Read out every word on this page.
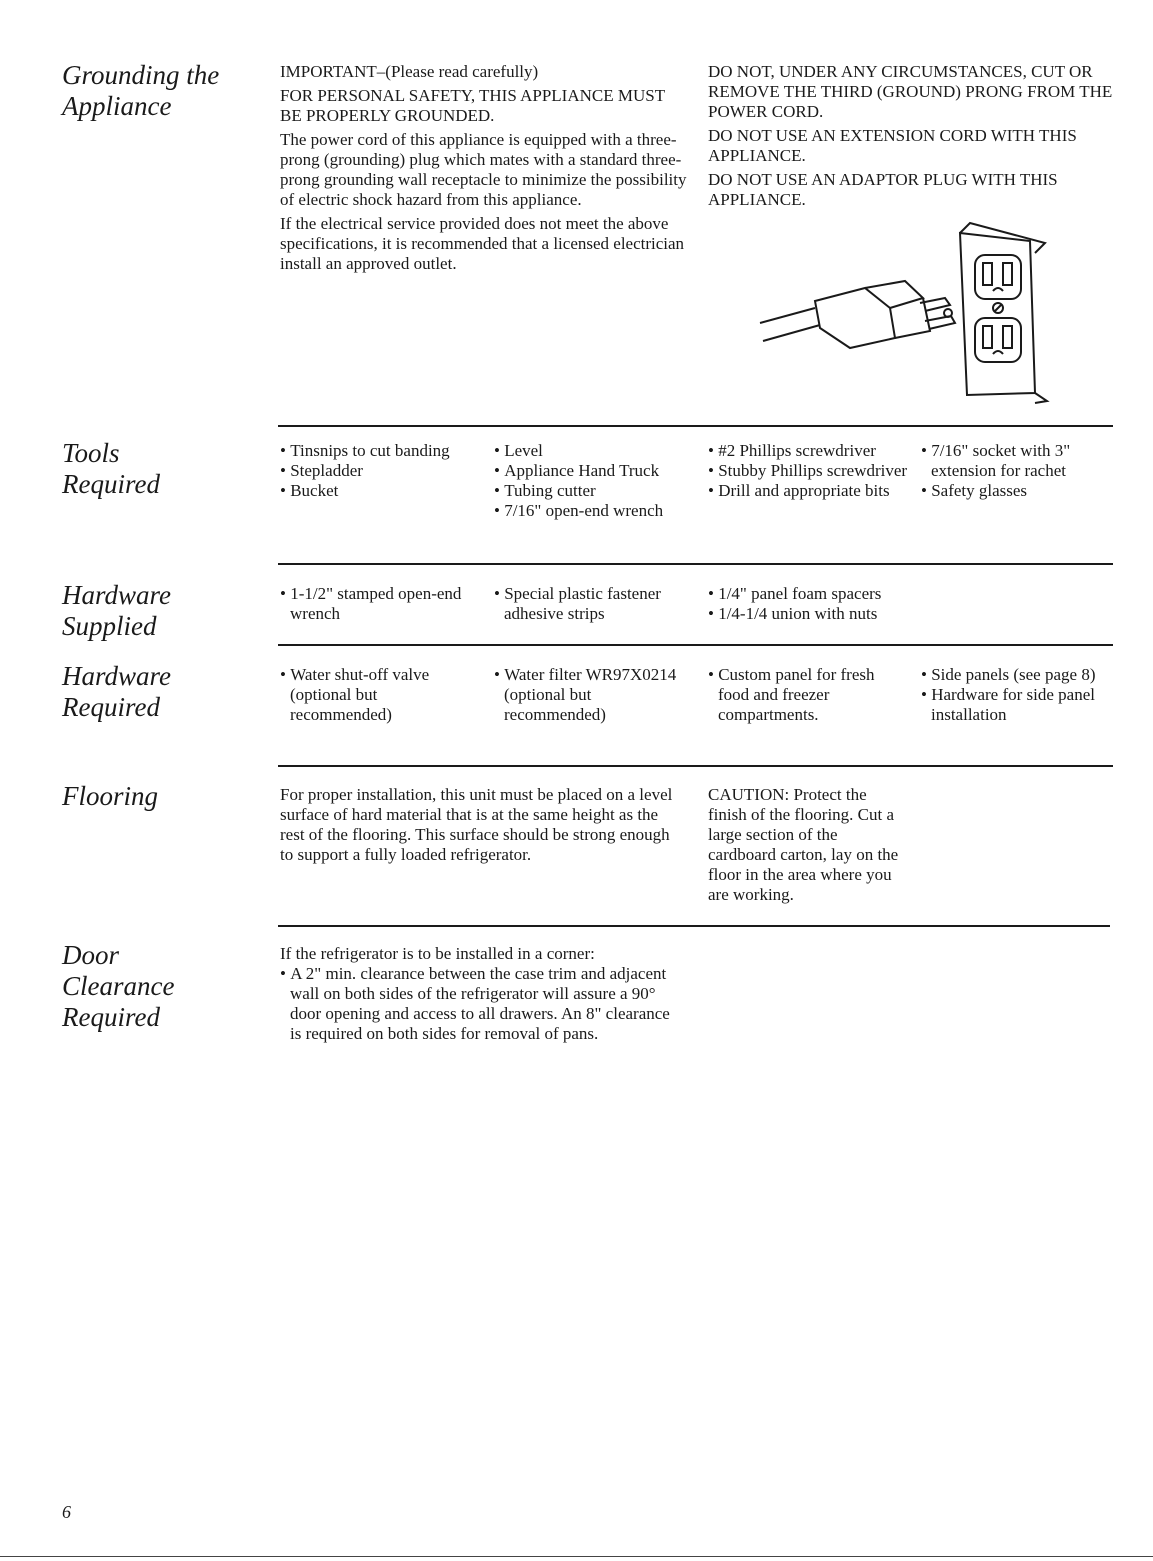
Grounding the
Appliance

IMPORTANT–(Please read carefully)

FOR PERSONAL SAFETY, THIS APPLIANCE MUST BE PROPERLY GROUNDED.

The power cord of this appliance is equipped with a three-prong (grounding) plug which mates with a standard three-prong grounding wall receptacle to minimize the possibility of electric shock hazard from this appliance.

If the electrical service provided does not meet the above specifications, it is recommended that a licensed electrician install an approved outlet.

DO NOT, UNDER ANY CIRCUMSTANCES, CUT OR REMOVE THE THIRD (GROUND) PRONG FROM THE POWER CORD.

DO NOT USE AN EXTENSION CORD WITH THIS APPLIANCE.

DO NOT USE AN ADAPTOR PLUG WITH THIS APPLIANCE.

Tools
Required
• Tinsnips to cut banding
• Stepladder
• Bucket
• Level
• Appliance Hand Truck
• Tubing cutter
• 7/16" open-end wrench
• #2 Phillips screwdriver
• Stubby Phillips screwdriver
• Drill and appropriate bits
• 7/16" socket with 3" extension for rachet
• Safety glasses
Hardware
Supplied
• 1-1/2" stamped open-end wrench
• Special plastic fastener adhesive strips
• 1/4" panel foam spacers
• 1/4-1/4 union with nuts
Hardware
Required
• Water shut-off valve (optional but recommended)
• Water filter WR97X0214 (optional but recommended)
• Custom panel for fresh food and freezer compartments.
• Side panels (see page 8)
• Hardware for side panel installation
Flooring	For proper installation, this unit must be placed on a level surface of hard material that is at the same height as the rest of the flooring. This surface should be strong enough to support a fully loaded refrigerator.

CAUTION: Protect the finish of the flooring. Cut a large section of the cardboard carton, lay on the floor in the area where you are working.

Door
Clearance
Required
If the refrigerator is to be installed in a corner:
• A 2" min. clearance between the case trim and adjacent wall on both sides of the refrigerator will assure a 90° door opening and access to all drawers. An 8" clearance is required on both sides for removal of pans.
6
